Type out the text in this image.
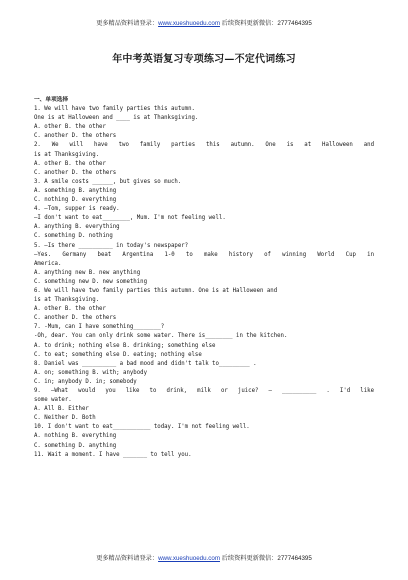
更多精品资料请登录：www.xueshuoedu.com 后续资料更新微信：2777464395
年中考英语复习专项练习—不定代词练习
一、单项选择
1. We will have two family parties this autumn.
One is at Halloween and ____ is at Thanksgiving.
A. other B. the other
C. another D. the others
2. We will have two family parties this autumn. One is at Halloween and
is at Thanksgiving.
A. other B. the other
C. another D. the others
3. A smile costs ______, but gives so much.
A. something B. anything
C. nothing D. everything
4. —Tom, supper is ready.
—I don't want to eat________, Mum. I'm not feeling well.
A. anything B. everything
C. something D. nothing
5. —Is there __________ in today's newspaper?
—Yes. Germany beat Argentina 1-0 to make history of winning World Cup in
America.
A. anything new B. new anything
C. something new D. new something
6. We will have two family parties this autumn. One is at Halloween and
is at Thanksgiving.
A. other B. the other
C. another D. the others
7. -Mum, can I have something________?
-Oh, dear. You can only drink some water. There is________ in the kitchen.
A. to drink; nothing else B. drinking; something else
C. to eat; something else D. eating; nothing else
8. Daniel was __________ a bad mood and didn't talk to_________ .
A. on; something B. with; anybody
C. in; anybody D. in; somebody
9. —What would you like to drink, milk or juice? — __________ . I'd like
some water.
A. All B. Either
C. Neither D. Both
10. I don't want to eat___________ today. I'm not feeling well.
A. nothing B. everything
C. something D. anything
11. Wait a moment. I have _______ to tell you.
更多精品资料请登录：www.xueshuoedu.com 后续资料更新微信：2777464395
